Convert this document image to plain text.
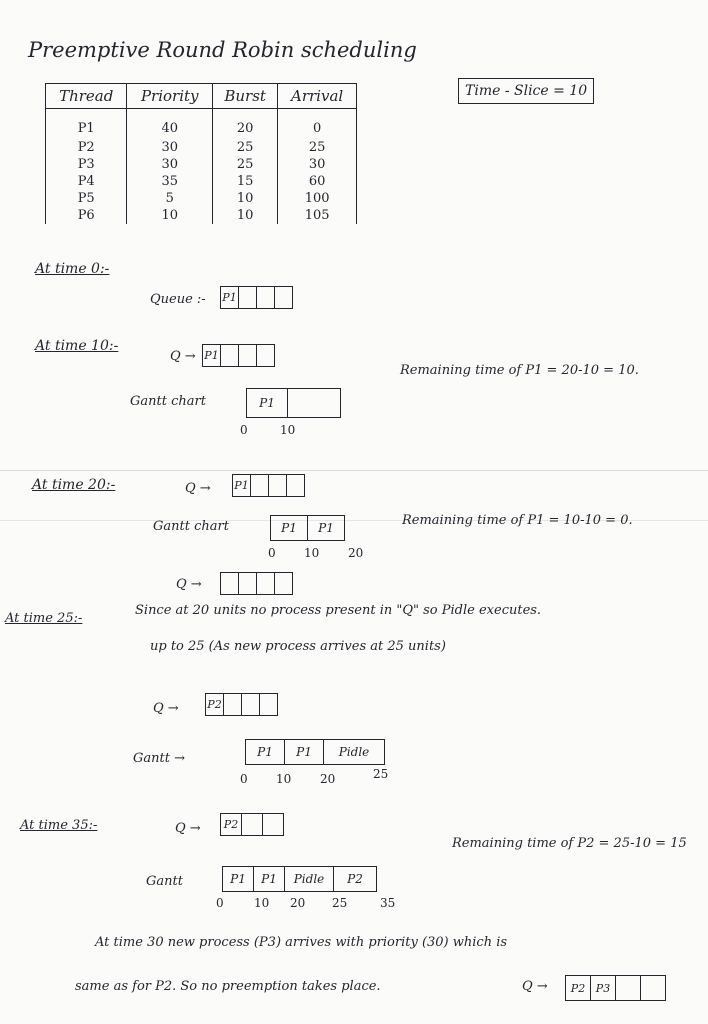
Preemptive Round Robin scheduling
Thread	Priority	Burst	Arrival
P1	40	20	0
P2	30	25	25
P3	30	25	30
P4	35	15	60
P5	5	10	100
P6	10	10	105
Time - Slice = 10
At time 0:-
Queue :- P1
At time 10:-
Q → P1
Remaining time of P1 = 20-10 = 10.
Gantt chart	P1
0	10
At time 20:-	Q → P1
Gantt chart	P1	P1
0 10 20
Remaining time of P1 = 10-10 = 0.
Q →
At time 25:-
Since at 20 units no process present in "Q" so Pidle executes.
up to 25 (As new process arrives at 25 units)
Q →	P2
Gantt →	P1	P1	Pidle
0 10 20	25
At time 35:-	Q → P2
Remaining time of P2 = 25-10 = 15
Gantt	P1	P1	Pidle	P2
0	10 20 25	35
At time 30 new process (P3) arrives with priority (30) which is
same as for P2. So no preemption takes place.	Q →	P2 P3
